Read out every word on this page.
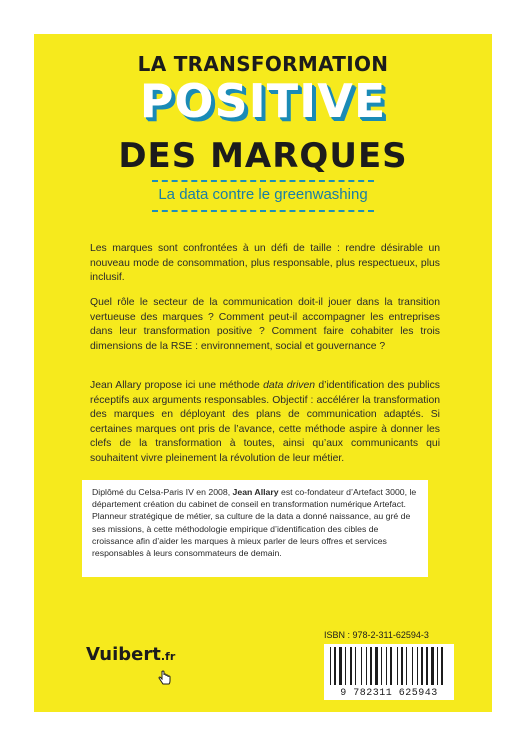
LA TRANSFORMATION
POSITIVE
DES MARQUES
La data contre le greenwashing
Les marques sont confrontées à un défi de taille : rendre désirable un nouveau mode de consommation, plus responsable, plus respectueux, plus inclusif.
Quel rôle le secteur de la communication doit-il jouer dans la transition vertueuse des marques ? Comment peut-il accompagner les entreprises dans leur transformation positive ? Comment faire cohabiter les trois dimensions de la RSE : environnement, social et gouvernance ?
Jean Allary propose ici une méthode data driven d’identification des publics réceptifs aux arguments responsables. Objectif : accélérer la transformation des marques en déployant des plans de communication adaptés. Si certaines marques ont pris de l’avance, cette méthode aspire à donner les clefs de la transformation à toutes, ainsi qu’aux communicants qui souhaitent vivre pleinement la révolution de leur métier.
Diplômé du Celsa-Paris IV en 2008, Jean Allary est co-fondateur d’Artefact 3000, le département création du cabinet de conseil en transformation numérique Artefact. Planneur stratégique de métier, sa culture de la data a donné naissance, au gré de ses missions, à cette méthodologie empirique d’identification des cibles de croissance afin d’aider les marques à mieux parler de leurs offres et services responsables à leurs consommateurs de demain.
Vuibert.fr
ISBN : 978-2-311-62594-3
9 782311 625943
